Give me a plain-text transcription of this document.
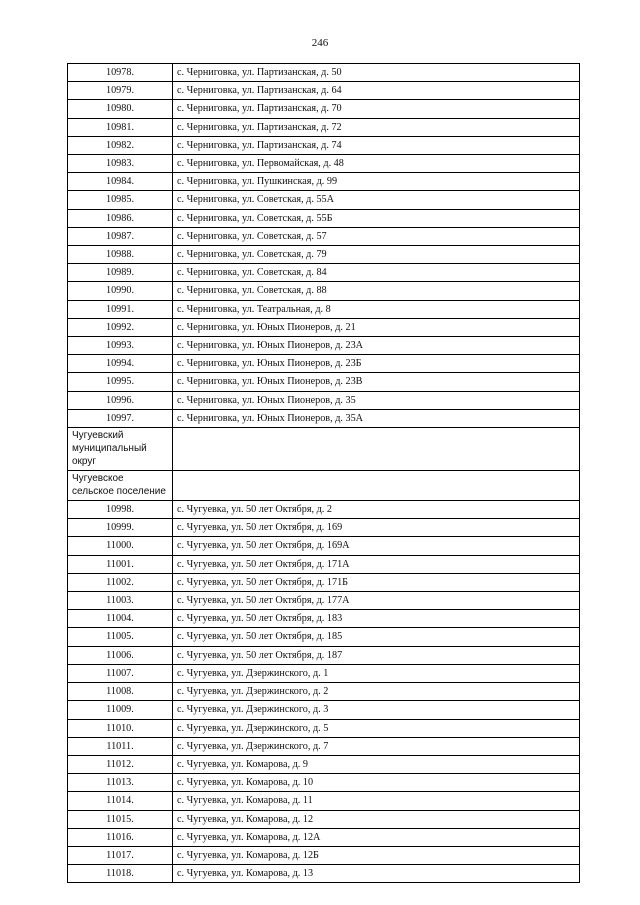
246
10978.	с. Черниговка, ул. Партизанская, д. 50
10979.	с. Черниговка, ул. Партизанская, д. 64
10980.	с. Черниговка, ул. Партизанская, д. 70
10981.	с. Черниговка, ул. Партизанская, д. 72
10982.	с. Черниговка, ул. Партизанская, д. 74
10983.	с. Черниговка, ул. Первомайская, д. 48
10984.	с. Черниговка, ул. Пушкинская, д. 99
10985.	с. Черниговка, ул. Советская, д. 55А
10986.	с. Черниговка, ул. Советская, д. 55Б
10987.	с. Черниговка, ул. Советская, д. 57
10988.	с. Черниговка, ул. Советская, д. 79
10989.	с. Черниговка, ул. Советская, д. 84
10990.	с. Черниговка, ул. Советская, д. 88
10991.	с. Черниговка, ул. Театральная, д. 8
10992.	с. Черниговка, ул. Юных Пионеров, д. 21
10993.	с. Черниговка, ул. Юных Пионеров, д. 23А
10994.	с. Черниговка, ул. Юных Пионеров, д. 23Б
10995.	с. Черниговка, ул. Юных Пионеров, д. 23В
10996.	с. Черниговка, ул. Юных Пионеров, д. 35
10997.	с. Черниговка, ул. Юных Пионеров, д. 35А
Чугуевский муниципальный округ	
Чугуевское сельское поселение	
10998.	с. Чугуевка, ул. 50 лет Октября, д. 2
10999.	с. Чугуевка, ул. 50 лет Октября, д. 169
11000.	с. Чугуевка, ул. 50 лет Октября, д. 169А
11001.	с. Чугуевка, ул. 50 лет Октября, д. 171А
11002.	с. Чугуевка, ул. 50 лет Октября, д. 171Б
11003.	с. Чугуевка, ул. 50 лет Октября, д. 177А
11004.	с. Чугуевка, ул. 50 лет Октября, д. 183
11005.	с. Чугуевка, ул. 50 лет Октября, д. 185
11006.	с. Чугуевка, ул. 50 лет Октября, д. 187
11007.	с. Чугуевка, ул. Дзержинского, д. 1
11008.	с. Чугуевка, ул. Дзержинского, д. 2
11009.	с. Чугуевка, ул. Дзержинского, д. 3
11010.	с. Чугуевка, ул. Дзержинского, д. 5
11011.	с. Чугуевка, ул. Дзержинского, д. 7
11012.	с. Чугуевка, ул. Комарова, д. 9
11013.	с. Чугуевка, ул. Комарова, д. 10
11014.	с. Чугуевка, ул. Комарова, д. 11
11015.	с. Чугуевка, ул. Комарова, д. 12
11016.	с. Чугуевка, ул. Комарова, д. 12А
11017.	с. Чугуевка, ул. Комарова, д. 12Б
11018.	с. Чугуевка, ул. Комарова, д. 13
